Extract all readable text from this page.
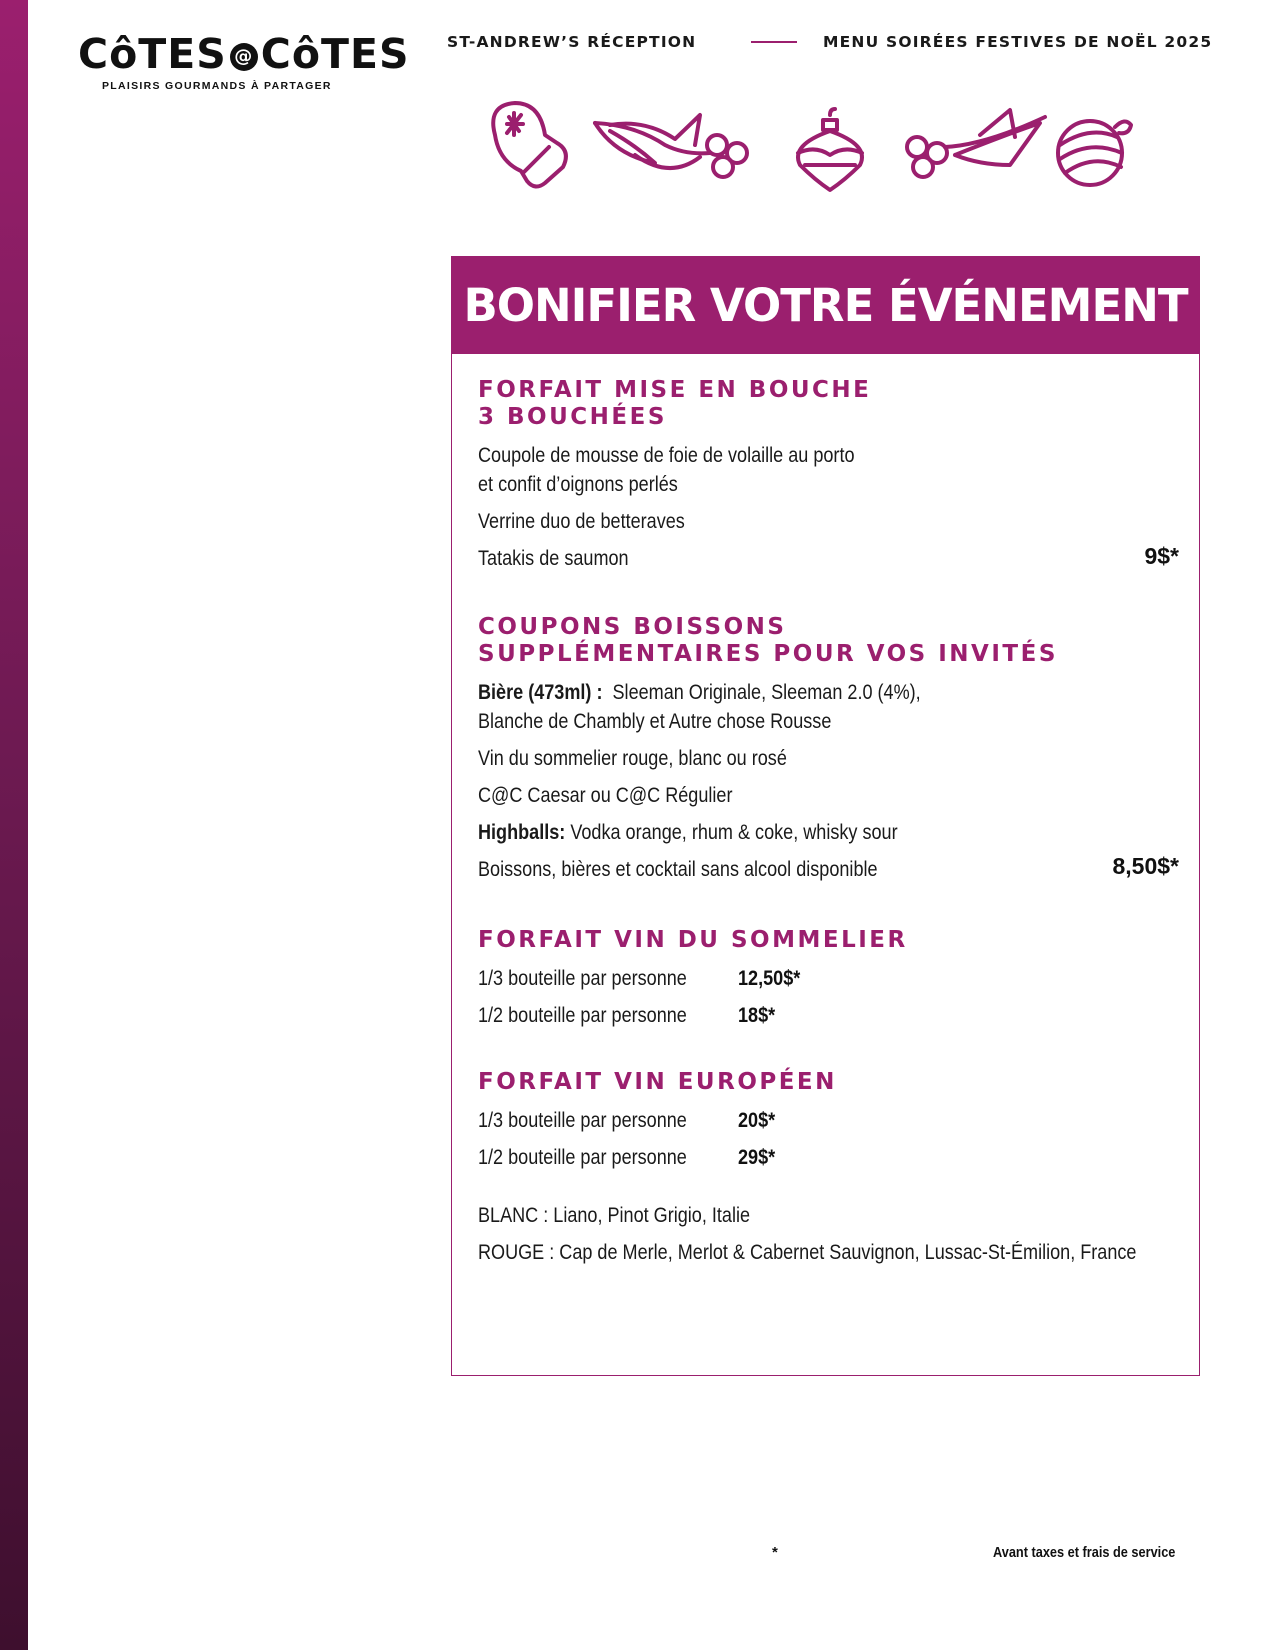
CôTES @ CôTES
PLAISIRS GOURMANDS À PARTAGER
ST-ANDREW’S RÉCEPTION	MENU SOIRÉES FESTIVES DE NOËL 2025
BONIFIER VOTRE ÉVÉNEMENT
FORFAIT MISE EN BOUCHE
3 BOUCHÉES
Coupole de mousse de foie de volaille au porto
et confit d’oignons perlés
Verrine duo de betteraves
Tatakis de saumon	9$*
COUPONS BOISSONS
SUPPLÉMENTAIRES POUR VOS INVITÉS
Bière (473ml) : Sleeman Originale, Sleeman 2.0 (4%),
Blanche de Chambly et Autre chose Rousse
Vin du sommelier rouge, blanc ou rosé
C@C Caesar ou C@C Régulier
Highballs: Vodka orange, rhum & coke, whisky sour
Boissons, bières et cocktail sans alcool disponible	8,50$*
FORFAIT VIN DU SOMMELIER
1/3 bouteille par personne	12,50$*
1/2 bouteille par personne	18$*
FORFAIT VIN EUROPÉEN
1/3 bouteille par personne	20$*
1/2 bouteille par personne	29$*
BLANC : Liano, Pinot Grigio, Italie
ROUGE : Cap de Merle, Merlot & Cabernet Sauvignon, Lussac-St-Émilion, France
*	Avant taxes et frais de service
